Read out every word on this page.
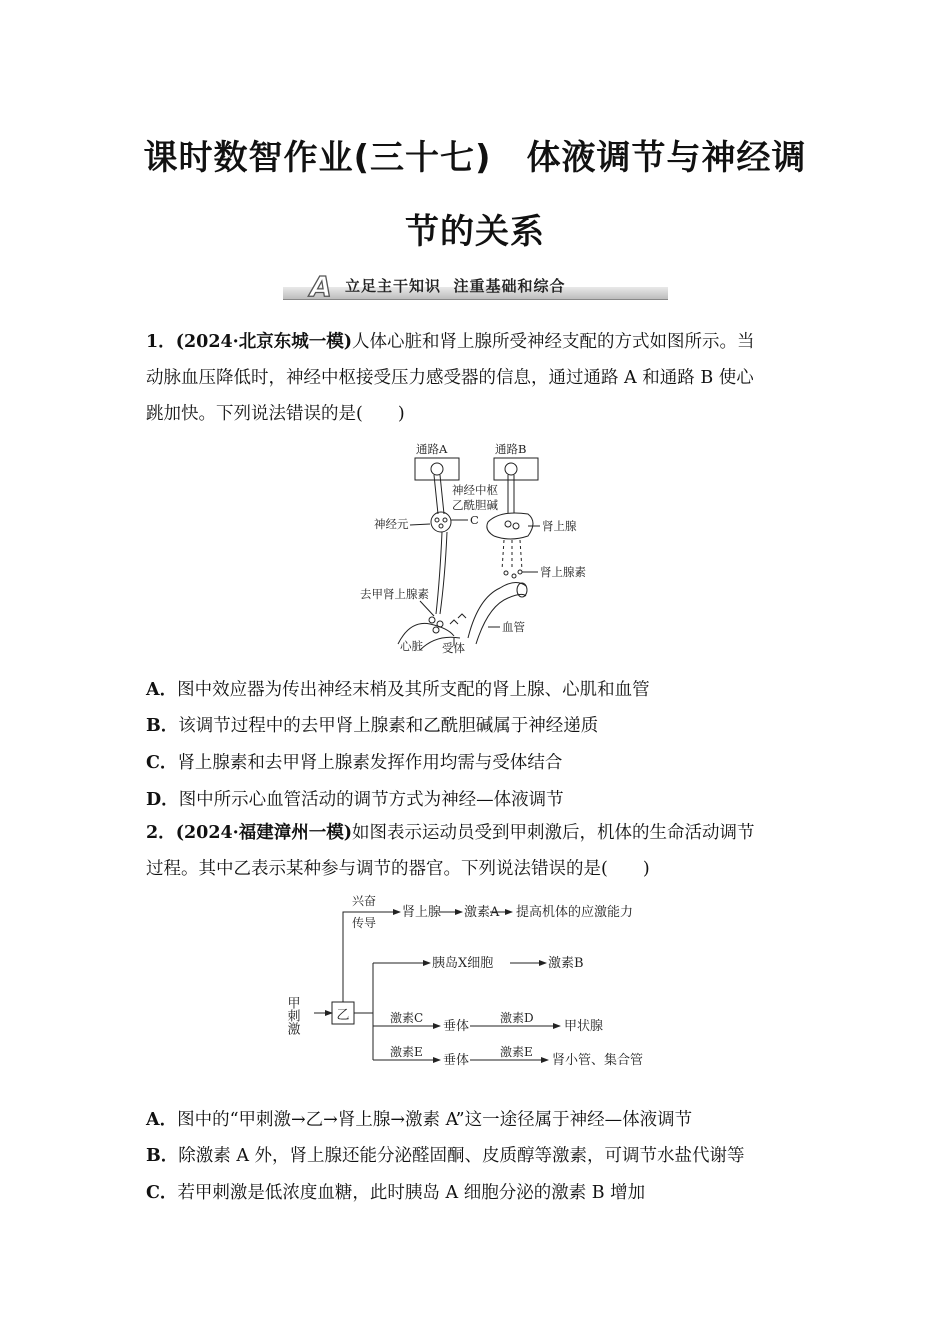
课时数智作业(三十七)　体液调节与神经调
节的关系
A 立足主干知识  注重基础和综合
1．(2024·北京东城一模)人体心脏和肾上腺所受神经支配的方式如图所示。当
动脉血压降低时，神经中枢接受压力感受器的信息，通过通路 A 和通路 B 使心
跳加快。下列说法错误的是(　　)
通路A	通路B
神经中枢
乙酰胆碱
C
神经元	肾上腺
肾上腺素
去甲肾上腺素
血管
心脏 受体
A．图中效应器为传出神经末梢及其所支配的肾上腺、心肌和血管
B．该调节过程中的去甲肾上腺素和乙酰胆碱属于神经递质
C．肾上腺素和去甲肾上腺素发挥作用均需与受体结合
D．图中所示心血管活动的调节方式为神经—体液调节
2．(2024·福建漳州一模)如图表示运动员受到甲刺激后，机体的生命活动调节
过程。其中乙表示某种参与调节的器官。下列说法错误的是(　　)
甲刺激	乙
兴奋
传导
肾上腺 激素A 提高机体的应激能力
胰岛X细胞	激素B
激素C
垂体
激素D
甲状腺
激素E
垂体
激素E
肾小管、集合管
A．图中的“甲刺激→乙→肾上腺→激素 A”这一途径属于神经—体液调节
B．除激素 A 外，肾上腺还能分泌醛固酮、皮质醇等激素，可调节水盐代谢等
C．若甲刺激是低浓度血糖，此时胰岛 A 细胞分泌的激素 B 增加
